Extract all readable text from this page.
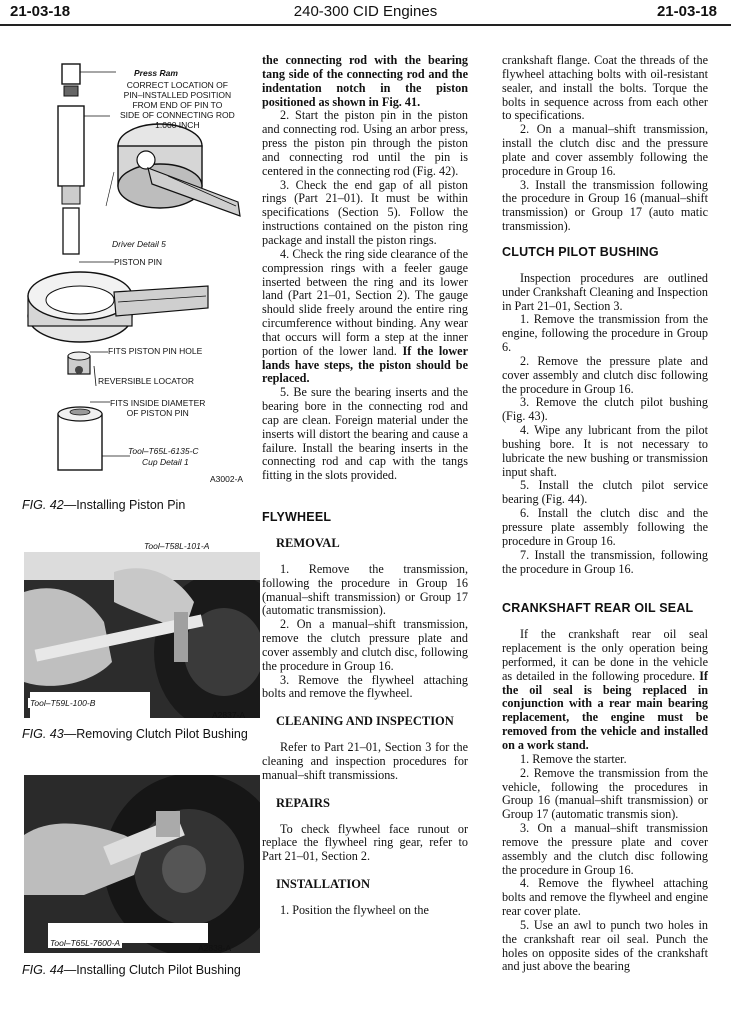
21-03-18	240-300 CID Engines	21-03-18
Press Ram
CORRECT LOCATION OF
PIN–INSTALLED POSITION
FROM END OF PIN TO
SIDE OF CONNECTING ROD
1.000 INCH
Driver Detail 5
PISTON PIN
FITS PISTON PIN HOLE
REVERSIBLE LOCATOR
FITS INSIDE DIAMETER
OF PISTON PIN
Tool–T65L-6135-C
Cup Detail 1
A3002-A
FIG. 42—Installing Piston Pin
Tool–T58L-101-A
Tool–T59L-100-B
A2837-A
FIG. 43—Removing Clutch Pilot Bushing
Tool–T65L-7600-A	A2838-A
FIG. 44—Installing Clutch Pilot Bushing

the connecting rod with the bearing tang side of the connecting rod and the indentation notch in the piston positioned as shown in Fig. 41.

2. Start the piston pin in the piston and connecting rod. Using an arbor press, press the piston pin through the piston and connecting rod until the pin is centered in the connecting rod (Fig. 42).

3. Check the end gap of all piston rings (Part 21–01). It must be within specifications (Section 5). Follow the instructions contained on the piston ring package and install the piston rings.

4. Check the ring side clearance of the compression rings with a feeler gauge inserted between the ring and its lower land (Part 21–01, Section 2). The gauge should slide freely around the entire ring circumference without binding. Any wear that occurs will form a step at the inner portion of the lower land. If the lower lands have steps, the piston should be replaced.

5. Be sure the bearing inserts and the bearing bore in the connecting rod and cap are clean. Foreign material under the inserts will distort the bearing and cause a failure. Install the bearing inserts in the connecting rod and cap with the tangs fitting in the slots provided.

FLYWHEEL

REMOVAL

1. Remove the transmission, following the procedure in Group 16 (manual–shift transmission) or Group 17 (automatic transmission).

2. On a manual–shift transmission, remove the clutch pressure plate and cover assembly and clutch disc, following the procedure in Group 16.

3. Remove the flywheel attaching bolts and remove the flywheel.

CLEANING AND INSPECTION

Refer to Part 21–01, Section 3 for the cleaning and inspection procedures for manual–shift transmissions.

REPAIRS

To check flywheel face runout or replace the flywheel ring gear, refer to Part 21–01, Section 2.

INSTALLATION

1. Position the flywheel on the

crankshaft flange. Coat the threads of the flywheel attaching bolts with oil-resistant sealer, and install the bolts. Torque the bolts in sequence across from each other to specifications.

2. On a manual–shift transmission, install the clutch disc and the pressure plate and cover assembly following the procedure in Group 16.

3. Install the transmission following the procedure in Group 16 (manual–shift transmission) or Group 17 (auto matic transmission).

CLUTCH PILOT BUSHING

Inspection procedures are outlined under Crankshaft Cleaning and Inspection in Part 21–01, Section 3.

1. Remove the transmission from the engine, following the procedure in Group 6.

2. Remove the pressure plate and cover assembly and clutch disc following the procedure in Group 16.

3. Remove the clutch pilot bushing (Fig. 43).

4. Wipe any lubricant from the pilot bushing bore. It is not necessary to lubricate the new bushing or transmission input shaft.

5. Install the clutch pilot service bearing (Fig. 44).

6. Install the clutch disc and the pressure plate assembly following the procedure in Group 16.

7. Install the transmission, following the procedure in Group 16.

CRANKSHAFT REAR OIL SEAL

If the crankshaft rear oil seal replacement is the only operation being performed, it can be done in the vehicle as detailed in the following procedure. If the oil seal is being replaced in conjunction with a rear main bearing replacement, the engine must be removed from the vehicle and installed on a work stand.

1. Remove the starter.

2. Remove the transmission from the vehicle, following the procedures in Group 16 (manual–shift transmission) or Group 17 (automatic transmis sion).

3. On a manual–shift transmission remove the pressure plate and cover assembly and the clutch disc following the procedure in Group 16.

4. Remove the flywheel attaching bolts and remove the flywheel and engine rear cover plate.

5. Use an awl to punch two holes in the crankshaft rear oil seal. Punch the holes on opposite sides of the crankshaft and just above the bearing
